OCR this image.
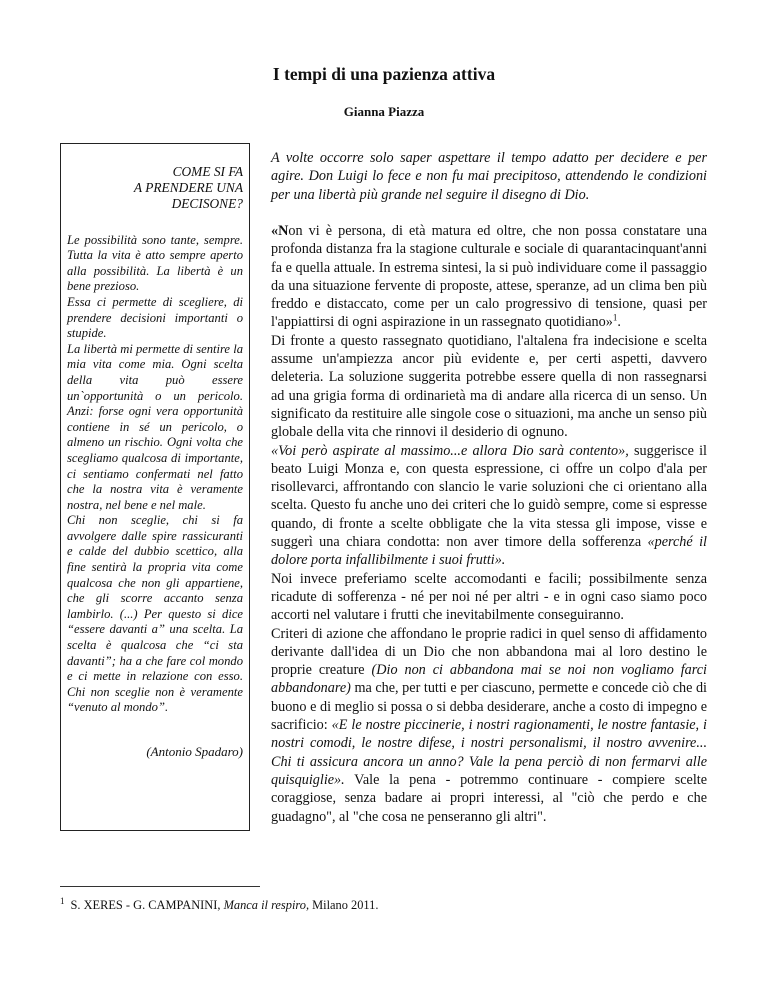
I tempi di una pazienza attiva
Gianna Piazza
COME SI FA
A PRENDERE UNA
DECISONE?

Le possibilità sono tante, sempre. Tutta la vita è atto sempre aperto alla possibilità. La libertà è un bene prezioso.

Essa ci permette di scegliere, di prendere decisioni importanti o stupide.

La libertà mi permette di sentire la mia vita come mia. Ogni scelta della vita può essere un`opportunità o un pericolo. Anzi: forse ogni vera opportunità contiene in sé un pericolo, o almeno un rischio. Ogni volta che scegliamo qualcosa di importante, ci sentiamo confermati nel fatto che la nostra vita è veramente nostra, nel bene e nel male.

Chi non sceglie, chi si fa avvolgere dalle spire rassicuranti e calde del dubbio scettico, alla fine sentirà la propria vita come qualcosa che non gli appartiene, che gli scorre accanto senza lambirlo. (...) Per questo si dice “essere davanti a” una scelta. La scelta è qualcosa che “ci sta davanti”; ha a che fare col mondo e ci mette in relazione con esso. Chi non sceglie non è veramente “venuto al mondo”.

(Antonio Spadaro)
A volte occorre solo saper aspettare il tempo adatto per decidere e per agire. Don Luigi lo fece e non fu mai precipitoso, attendendo le condizioni per una libertà più grande nel seguire il disegno di Dio.

«Non vi è persona, di età matura ed oltre, che non possa constatare una profonda distanza fra la stagione culturale e sociale di quarantacinquant'anni fa e quella attuale. In estrema sintesi, la si può individuare come il passaggio da una situazione fervente di proposte, attese, speranze, ad un clima ben più freddo e distaccato, come per un calo progressivo di tensione, quasi per l'appiattirsi di ogni aspirazione in un rassegnato quotidiano»$^1$.

Di fronte a questo rassegnato quotidiano, l'altalena fra indecisione e scelta assume un'ampiezza ancor più evidente e, per certi aspetti, davvero deleteria. La soluzione suggerita potrebbe essere quella di non rassegnarsi ad una grigia forma di ordinarietà ma di andare alla ricerca di un senso. Un significato da restituire alle singole cose o situazioni, ma anche un senso più globale della vita che rinnovi il desiderio di ognuno.

«Voi però aspirate al massimo...e allora Dio sarà contento», suggerisce il beato Luigi Monza e, con questa espressione, ci offre un colpo d'ala per risollevarci, affrontando con slancio le varie soluzioni che ci orientano alla scelta. Questo fu anche uno dei criteri che lo guidò sempre, come si espresse quando, di fronte a scelte obbligate che la vita stessa gli impose, visse e suggerì una chiara condotta: non aver timore della sofferenza «perché il dolore porta infallibilmente i suoi frutti».

Noi invece preferiamo scelte accomodanti e facili; possibilmente senza ricadute di sofferenza - né per noi né per altri - e in ogni caso siamo poco accorti nel valutare i frutti che inevitabilmente conseguiranno.

Criteri di azione che affondano le proprie radici in quel senso di affidamento derivante dall'idea di un Dio che non abbandona mai al loro destino le proprie creature (Dio non ci abbandona mai se noi non vogliamo farci abbandonare) ma che, per tutti e per ciascuno, permette e concede ciò che di buono e di meglio si possa o si debba desiderare, anche a costo di impegno e sacrificio: «E le nostre piccinerie, i nostri ragionamenti, le nostre fantasie, i nostri comodi, le nostre difese, i nostri personalismi, il nostro avvenire... Chi ti assicura ancora un anno? Vale la pena perciò di non fermarvi alle quisquiglie». Vale la pena - potremmo continuare - compiere scelte coraggiose, senza badare ai propri interessi, al "ciò che perdo e che guadagno", al "che cosa ne penseranno gli altri".

$^1$ S. XERES - G. CAMPANINI, Manca il respiro, Milano 2011.
